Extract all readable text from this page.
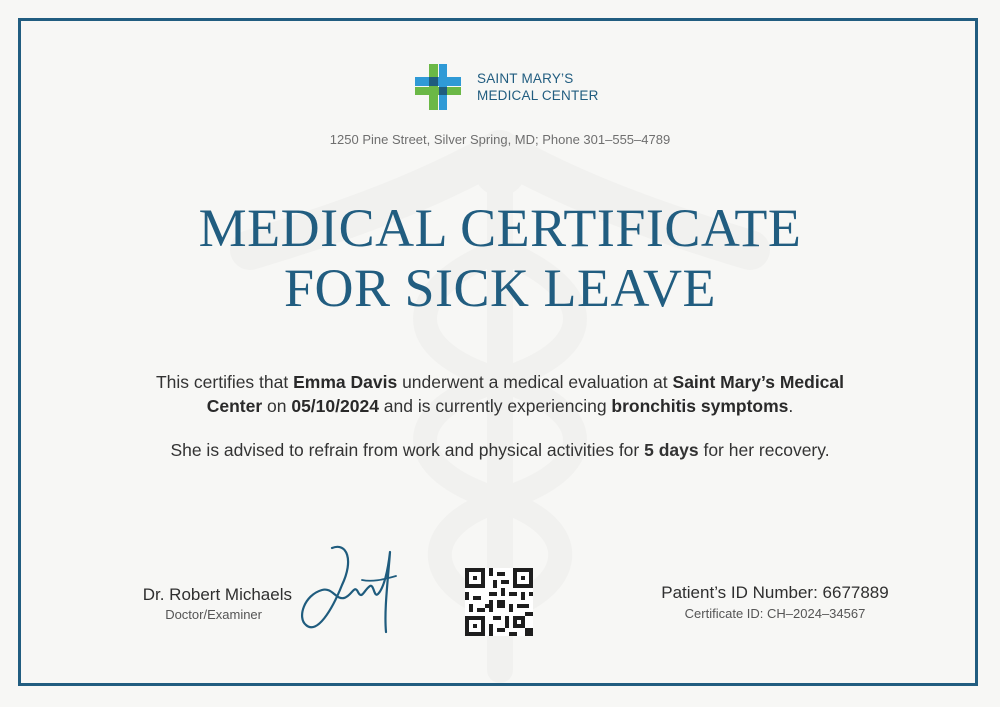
SAINT MARY’S
MEDICAL CENTER
1250 Pine Street, Silver Spring, MD; Phone 301–555–4789
MEDICAL CERTIFICATE
FOR SICK LEAVE
This certifies that Emma Davis underwent a medical evaluation at Saint Mary’s Medical Center on 05/10/2024 and is currently experiencing bronchitis symptoms.
She is advised to refrain from work and physical activities for 5 days for her recovery.
Dr. Robert Michaels
Doctor/Examiner
Patient’s ID Number: 6677889
Certificate ID: CH–2024–34567
